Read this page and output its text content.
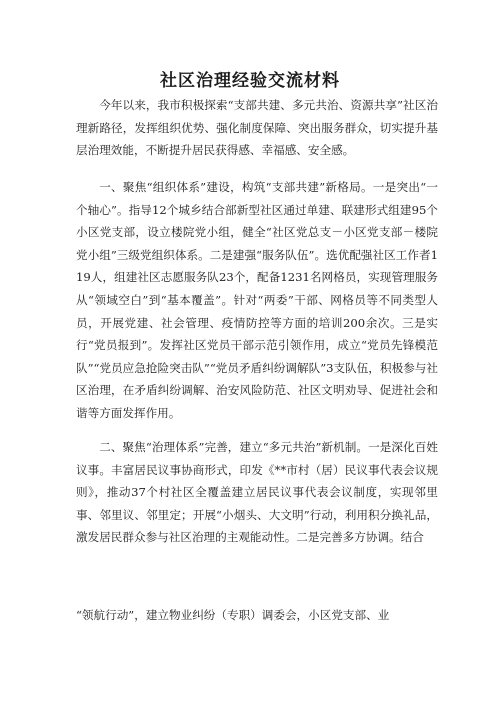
社区治理经验交流材料
今年以来，我市积极探索“支部共建、多元共治、资源共享”社区治理新路径，发挥组织优势、强化制度保障、突出服务群众，切实提升基层治理效能，不断提升居民获得感、幸福感、安全感。
一、聚焦“组织体系”建设，构筑“支部共建”新格局。一是突出“一个轴心”。指导12个城乡结合部新型社区通过单建、联建形式组建95个小区党支部，设立楼院党小组，健全“社区党总支－小区党支部－楼院党小组”三级党组织体系。二是建强“服务队伍”。选优配强社区工作者119人，组建社区志愿服务队23个，配备1231名网格员，实现管理服务从“领域空白”到“基本覆盖”。针对“两委”干部、网格员等不同类型人员，开展党建、社会管理、疫情防控等方面的培训200余次。三是实行“党员报到”。发挥社区党员干部示范引领作用，成立“党员先锋模范队”“党员应急抢险突击队”“党员矛盾纠纷调解队”3支队伍，积极参与社区治理，在矛盾纠纷调解、治安风险防范、社区文明劝导、促进社会和谐等方面发挥作用。
二、聚焦“治理体系”完善，建立“多元共治”新机制。一是深化百姓议事。丰富居民议事协商形式，印发《**市村（居）民议事代表会议规则》，推动37个村社区全覆盖建立居民议事代表会议制度，实现邻里事、邻里议、邻里定；开展“小烟头、大文明”行动，利用积分换礼品，激发居民群众参与社区治理的主观能动性。二是完善多方协调。结合
“领航行动”，建立物业纠纷（专职）调委会，小区党支部、业
